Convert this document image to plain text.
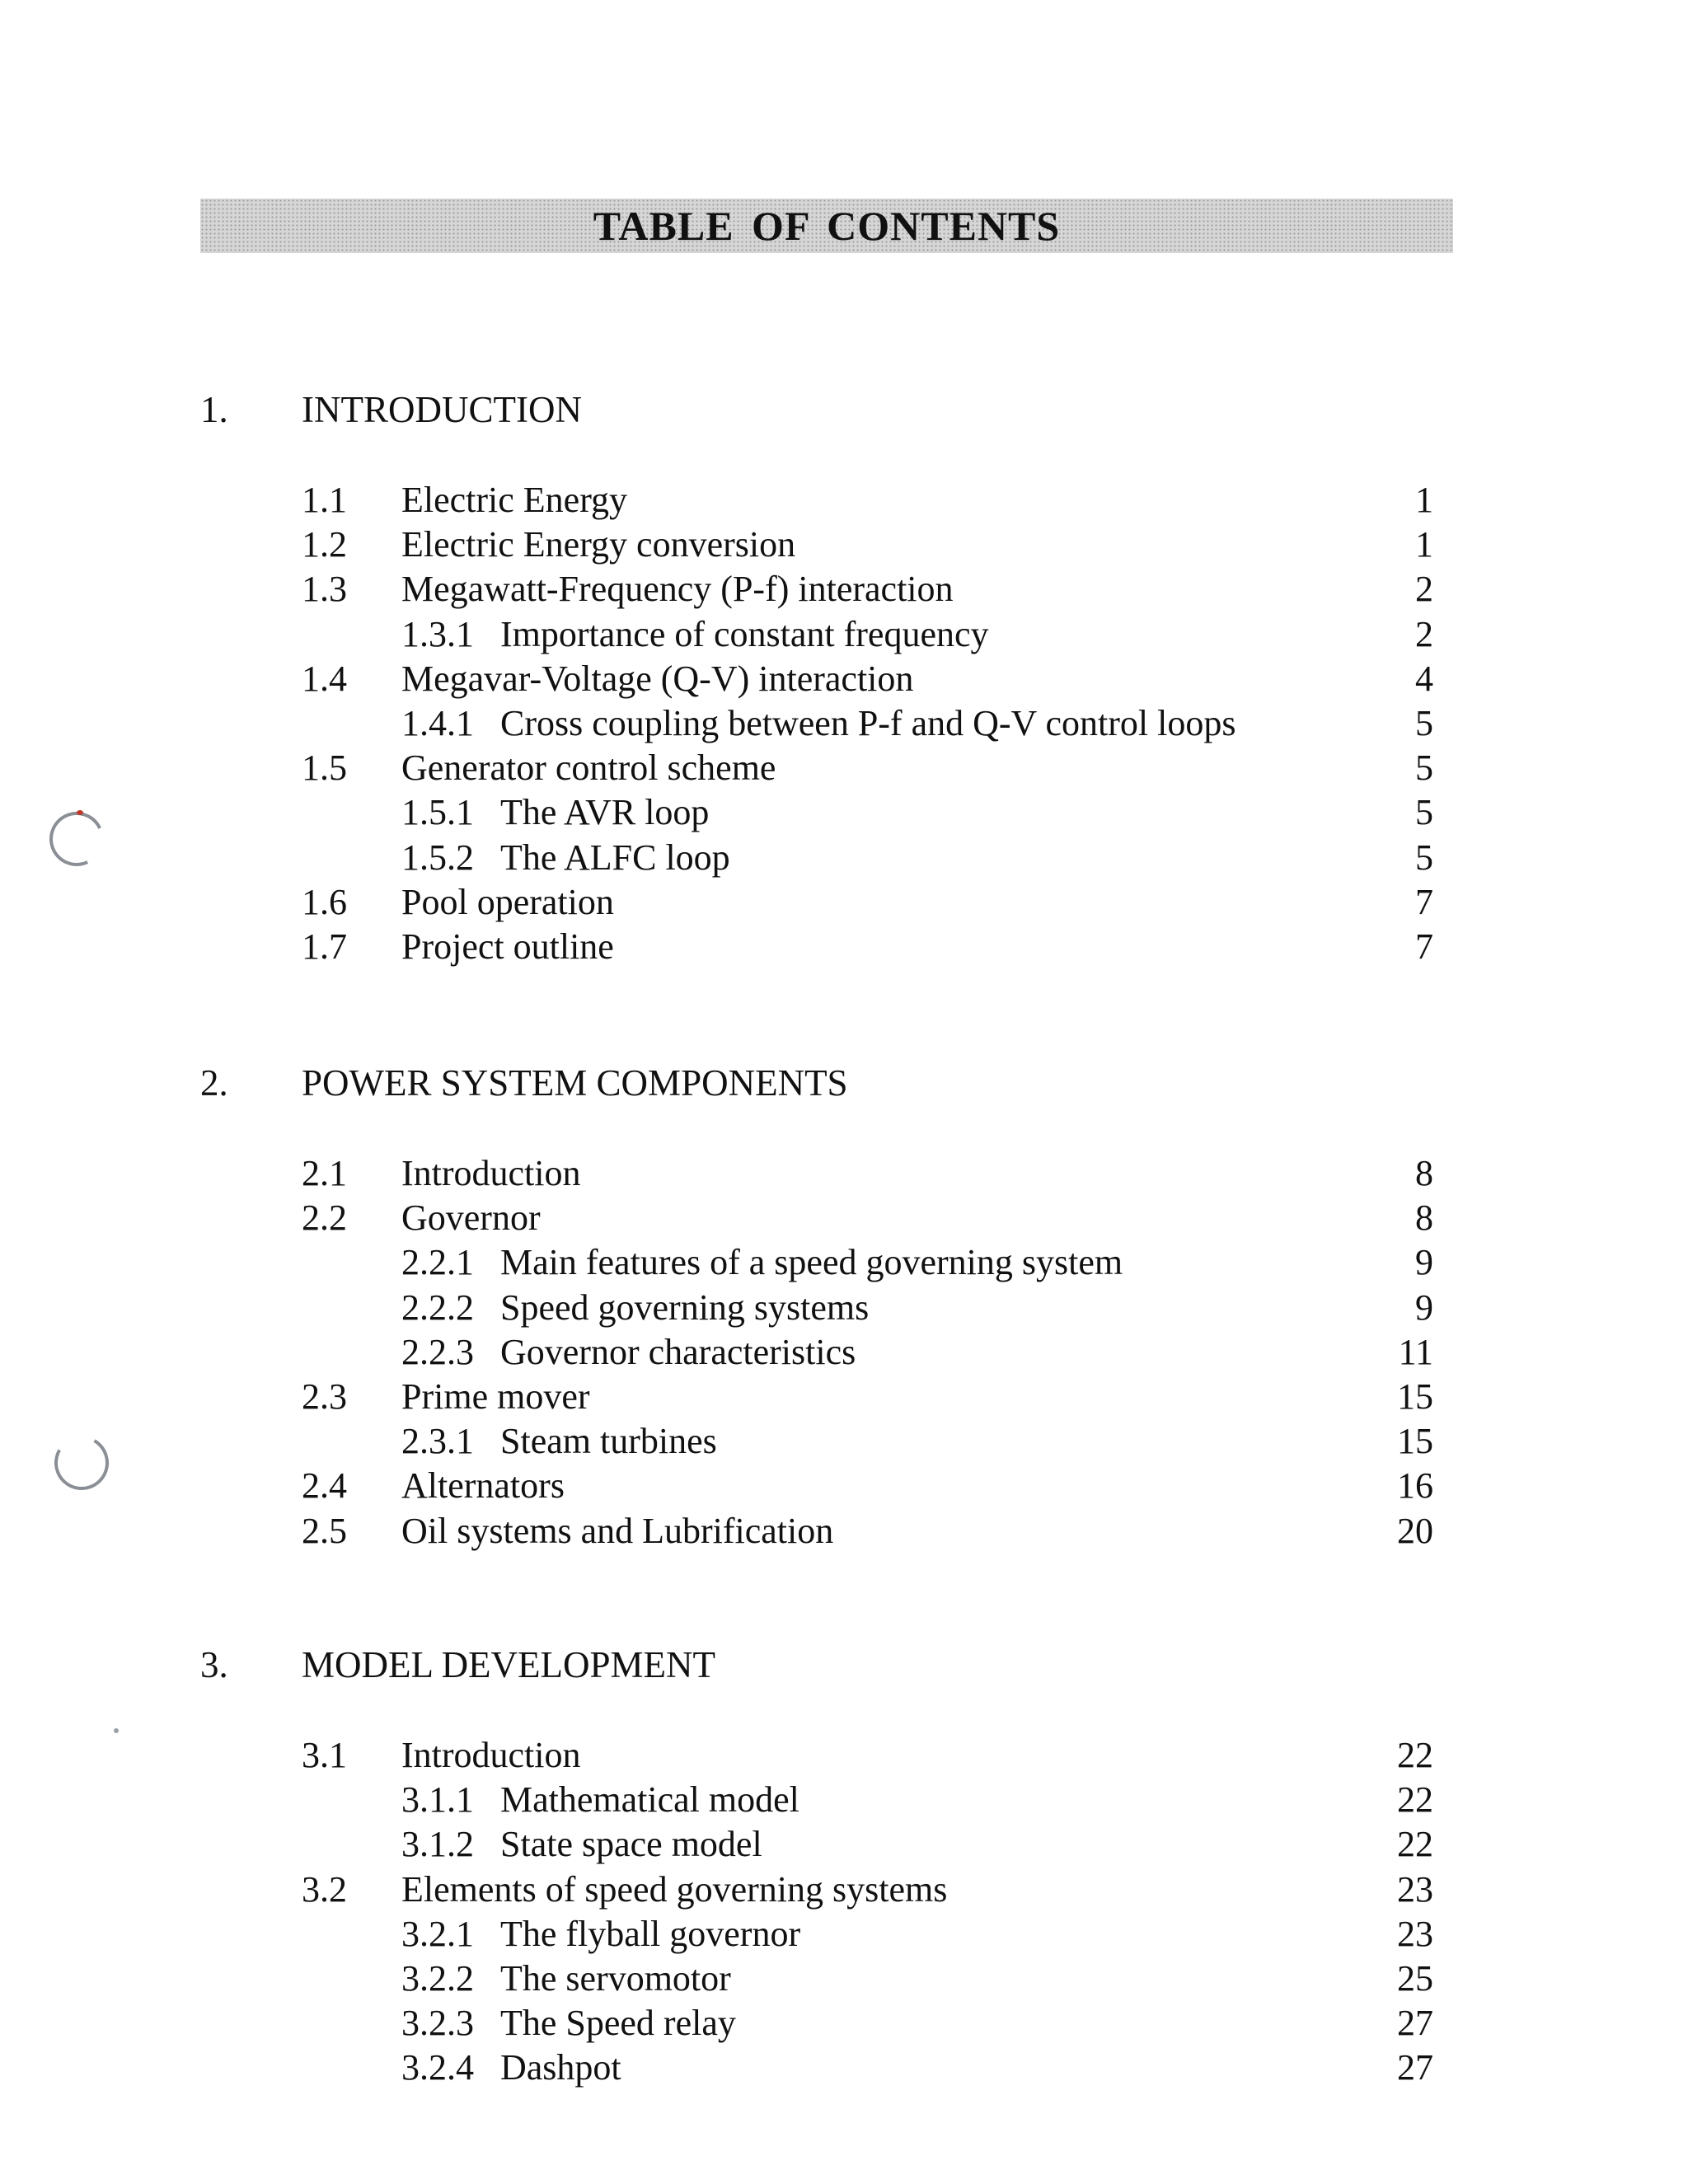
TABLE OF CONTENTS
1. INTRODUCTION
1.1 Electric Energy	1
1.2 Electric Energy conversion	1
1.3 Megawatt-Frequency (P-f) interaction	2
1.3.1 Importance of constant frequency	2
1.4 Megavar-Voltage (Q-V) interaction	4
1.4.1 Cross coupling between P-f and Q-V control loops	5
1.5 Generator control scheme	5
1.5.1 The AVR loop	5
1.5.2 The ALFC loop	5
1.6 Pool operation	7
1.7 Project outline	7
2. POWER SYSTEM COMPONENTS
2.1 Introduction	8
2.2 Governor	8
2.2.1 Main features of a speed governing system	9
2.2.2 Speed governing systems	9
2.2.3 Governor characteristics	11
2.3 Prime mover	15
2.3.1 Steam turbines	15
2.4 Alternators	16
2.5 Oil systems and Lubrification	20
3. MODEL DEVELOPMENT
3.1 Introduction	22
3.1.1 Mathematical model	22
3.1.2 State space model	22
3.2 Elements of speed governing systems	23
3.2.1 The flyball governor	23
3.2.2 The servomotor	25
3.2.3 The Speed relay	27
3.2.4 Dashpot	27
